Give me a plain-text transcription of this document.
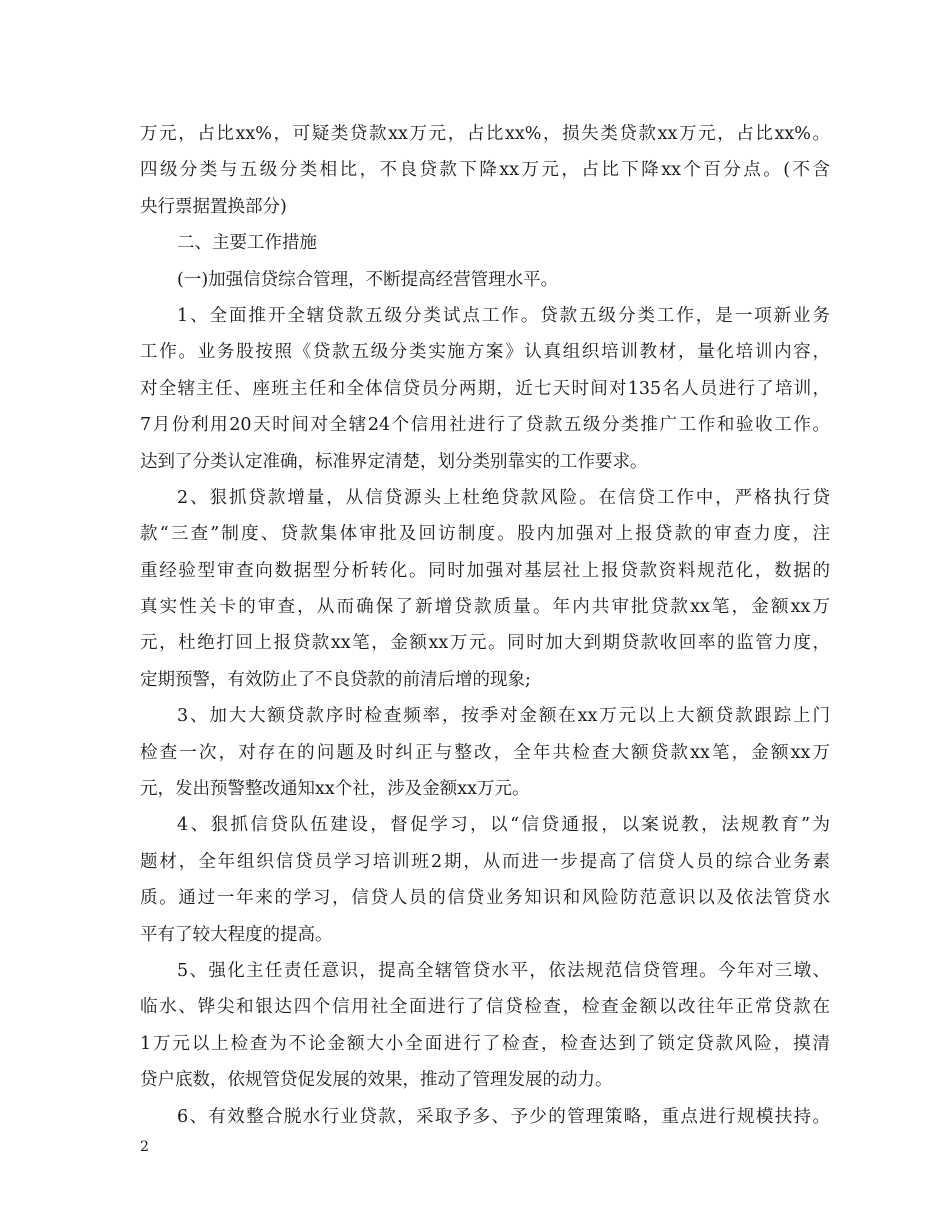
万元，占比xx%，可疑类贷款xx万元，占比xx%，损失类贷款xx万元，占比xx%。
四级分类与五级分类相比，不良贷款下降xx万元，占比下降xx个百分点。(不含
央行票据置换部分)
二、主要工作措施
(一)加强信贷综合管理，不断提高经营管理水平。
1、全面推开全辖贷款五级分类试点工作。贷款五级分类工作，是一项新业务
工作。业务股按照《贷款五级分类实施方案》认真组织培训教材，量化培训内容，
对全辖主任、座班主任和全体信贷员分两期，近七天时间对135名人员进行了培训，
7月份利用20天时间对全辖24个信用社进行了贷款五级分类推广工作和验收工作。
达到了分类认定准确，标准界定清楚，划分类别靠实的工作要求。
2、狠抓贷款增量，从信贷源头上杜绝贷款风险。在信贷工作中，严格执行贷
款“三查”制度、贷款集体审批及回访制度。股内加强对上报贷款的审查力度，注
重经验型审查向数据型分析转化。同时加强对基层社上报贷款资料规范化，数据的
真实性关卡的审查，从而确保了新增贷款质量。年内共审批贷款xx笔，金额xx万
元，杜绝打回上报贷款xx笔，金额xx万元。同时加大到期贷款收回率的监管力度，
定期预警，有效防止了不良贷款的前清后增的现象;
3、加大大额贷款序时检查频率，按季对金额在xx万元以上大额贷款跟踪上门
检查一次，对存在的问题及时纠正与整改，全年共检查大额贷款xx笔，金额xx万
元，发出预警整改通知xx个社，涉及金额xx万元。
4、狠抓信贷队伍建设，督促学习，以“信贷通报，以案说教，法规教育”为
题材，全年组织信贷员学习培训班2期，从而进一步提高了信贷人员的综合业务素
质。通过一年来的学习，信贷人员的信贷业务知识和风险防范意识以及依法管贷水
平有了较大程度的提高。
5、强化主任责任意识，提高全辖管贷水平，依法规范信贷管理。今年对三墩、
临水、铧尖和银达四个信用社全面进行了信贷检查，检查金额以改往年正常贷款在
1万元以上检查为不论金额大小全面进行了检查，检查达到了锁定贷款风险，摸清
贷户底数，依规管贷促发展的效果，推动了管理发展的动力。
6、有效整合脱水行业贷款，采取予多、予少的管理策略，重点进行规模扶持。
2
